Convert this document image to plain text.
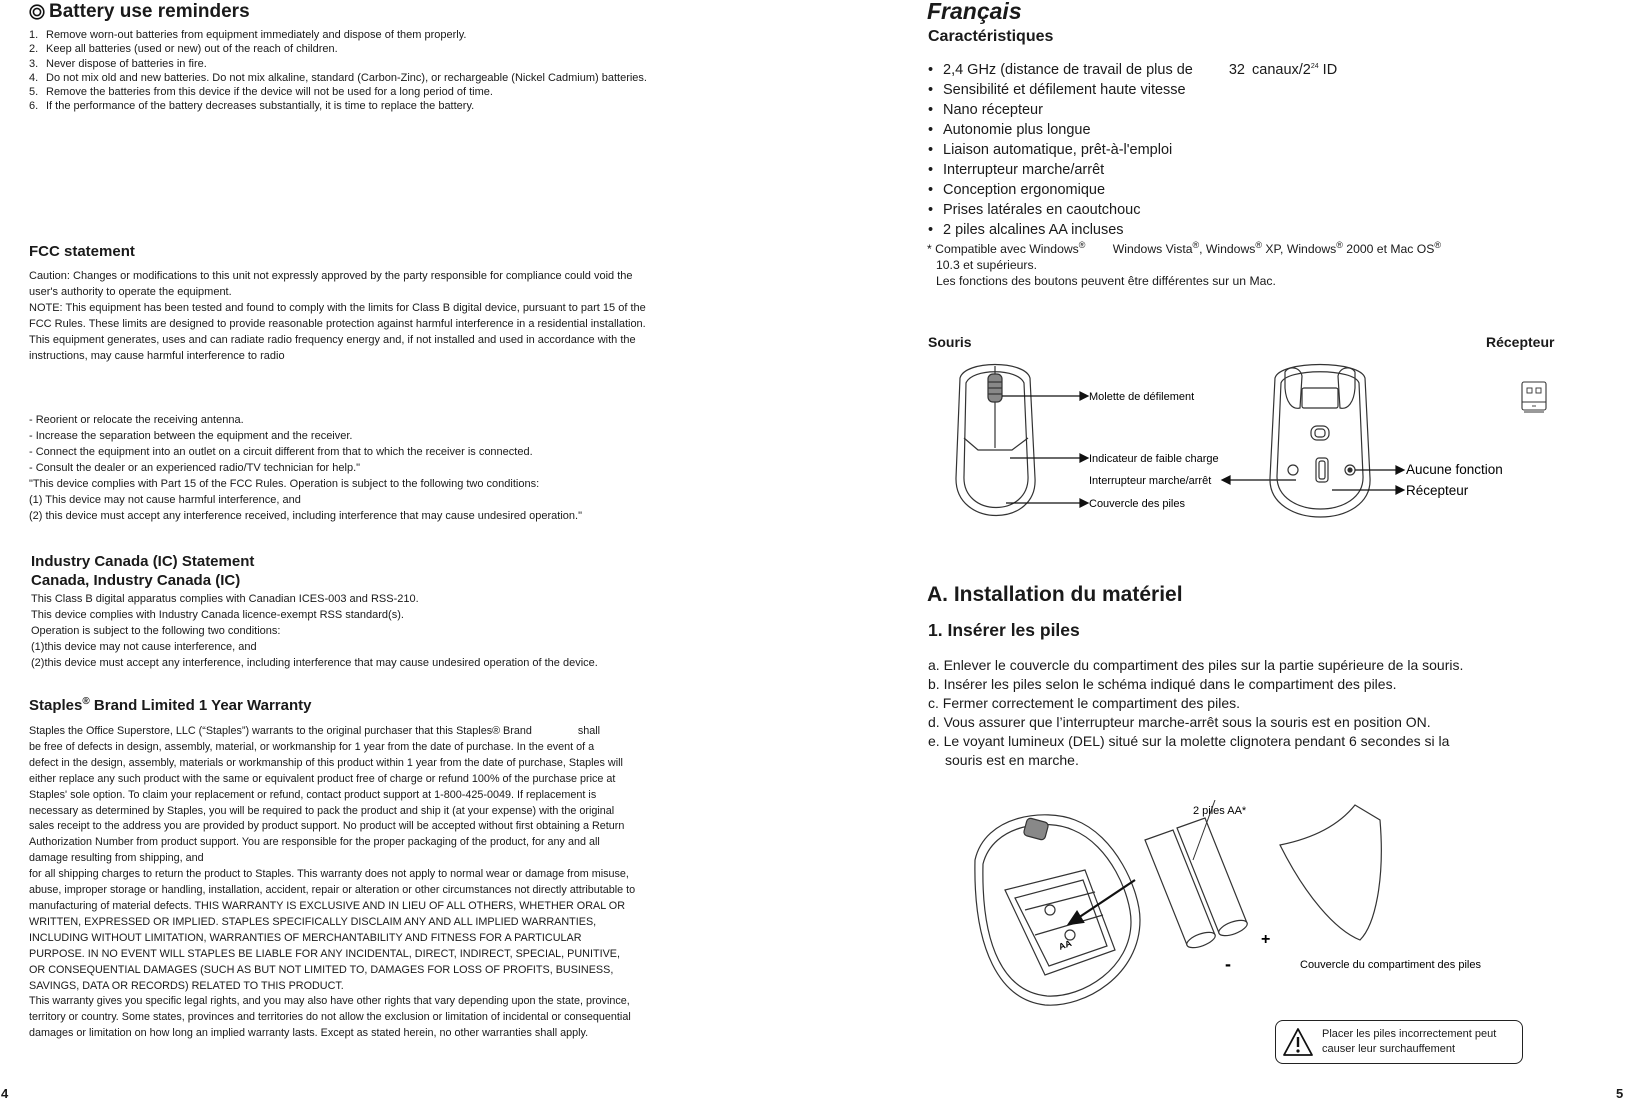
Battery use reminders
1. Remove worn-out batteries from equipment immediately and dispose of them properly.
2. Keep all batteries (used or new) out of the reach of children.
3. Never dispose of batteries in fire.
4. Do not mix old and new batteries. Do not mix alkaline, standard (Carbon-Zinc), or rechargeable (Nickel Cadmium) batteries.
5. Remove the batteries from this device if the device will not be used for a long period of time.
6. If the performance of the battery decreases substantially, it is time to replace the battery.
FCC statement
Caution: Changes or modifications to this unit not expressly approved by the party responsible for compliance could void the
user's authority to operate the equipment.
NOTE: This equipment has been tested and found to comply with the limits for Class B digital device, pursuant to part 15 of the
FCC Rules. These limits are designed to provide reasonable protection against harmful interference in a residential installation.
This equipment generates, uses and can radiate radio frequency energy and, if not installed and used in accordance with the
instructions, may cause harmful interference to radio
- Reorient or relocate the receiving antenna.
- Increase the separation between the equipment and the receiver.
- Connect the equipment into an outlet on a circuit different from that to which the receiver is connected.
- Consult the dealer or an experienced radio/TV technician for help."
"This device complies with Part 15 of the FCC Rules. Operation is subject to the following two conditions:
(1) This device may not cause harmful interference, and
(2) this device must accept any interference received, including interference that may cause undesired operation."
Industry Canada (IC) Statement
Canada, Industry Canada (IC)
This Class B digital apparatus complies with Canadian ICES-003 and RSS-210.
This device complies with Industry Canada licence-exempt RSS standard(s).
Operation is subject to the following two conditions:
(1)this device may not cause interference, and
(2)this device must accept any interference, including interference that may cause undesired operation of the device.
Staples® Brand Limited 1 Year Warranty
Staples the Office Superstore, LLC (“Staples”) warrants to the original purchaser that this Staples® Brand	shall
be free of defects in design, assembly, material, or workmanship for 1 year from the date of purchase. In the event of a
defect in the design, assembly, materials or workmanship of this product within 1 year from the date of purchase, Staples will
either replace any such product with the same or equivalent product free of charge or refund 100% of the purchase price at
Staples' sole option. To claim your replacement or refund, contact product support at 1-800-425-0049. If replacement is
necessary as determined by Staples, you will be required to pack the product and ship it (at your expense) with the original
sales receipt to the address you are provided by product support. No product will be accepted without first obtaining a Return
Authorization Number from product support. You are responsible for the proper packaging of the product, for any and all
damage resulting from shipping, and
for all shipping charges to return the product to Staples. This warranty does not apply to normal wear or damage from misuse,
abuse, improper storage or handling, installation, accident, repair or alteration or other circumstances not directly attributable to
manufacturing of material defects. THIS WARRANTY IS EXCLUSIVE AND IN LIEU OF ALL OTHERS, WHETHER ORAL OR
WRITTEN, EXPRESSED OR IMPLIED. STAPLES SPECIFICALLY DISCLAIM ANY AND ALL IMPLIED WARRANTIES,
INCLUDING WITHOUT LIMITATION, WARRANTIES OF MERCHANTABILITY AND FITNESS FOR A PARTICULAR
PURPOSE. IN NO EVENT WILL STAPLES BE LIABLE FOR ANY INCIDENTAL, DIRECT, INDIRECT, SPECIAL, PUNITIVE,
OR CONSEQUENTIAL DAMAGES (SUCH AS BUT NOT LIMITED TO, DAMAGES FOR LOSS OF PROFITS, BUSINESS,
SAVINGS, DATA OR RECORDS) RELATED TO THIS PRODUCT.
This warranty gives you specific legal rights, and you may also have other rights that vary depending upon the state, province,
territory or country. Some states, provinces and territories do not allow the exclusion or limitation of incidental or consequential
damages or limitation on how long an implied warranty lasts. Except as stated herein, no other warranties shall apply.
4
Français
Caractéristiques
• 2,4 GHz (distance de travail de plus de 32 canaux/$2^{24}$ ID
• Sensibilité et défilement haute vitesse
• Nano récepteur
• Autonomie plus longue
• Liaison automatique, prêt-à-l'emploi
• Interrupteur marche/arrêt
• Conception ergonomique
• Prises latérales en caoutchouc
• 2 piles alcalines AA incluses
* Compatible avec Windows® Windows Vista®, Windows® XP, Windows® 2000 et Mac OS®
10.3 et supérieurs.
Les fonctions des boutons peuvent être différentes sur un Mac.
Souris	Récepteur
Molette de défilement
Indicateur de faible charge
Interrupteur marche/arrêt
Couvercle des piles
Aucune fonction
Récepteur
A. Installation du matériel
1. Insérer les piles
a. Enlever le couvercle du compartiment des piles sur la partie supérieure de la souris.
b. Insérer les piles selon le schéma indiqué dans le compartiment des piles.
c. Fermer correctement le compartiment des piles.
d. Vous assurer que l’interrupteur marche-arrêt sous la souris est en position ON.
e. Le voyant lumineux (DEL) situé sur la molette clignotera pendant 6 secondes si la
souris est en marche.
AA
2 piles AA*
+
-	Couvercle du compartiment des piles
Placer les piles incorrectement peut
causer leur surchauffement
5
